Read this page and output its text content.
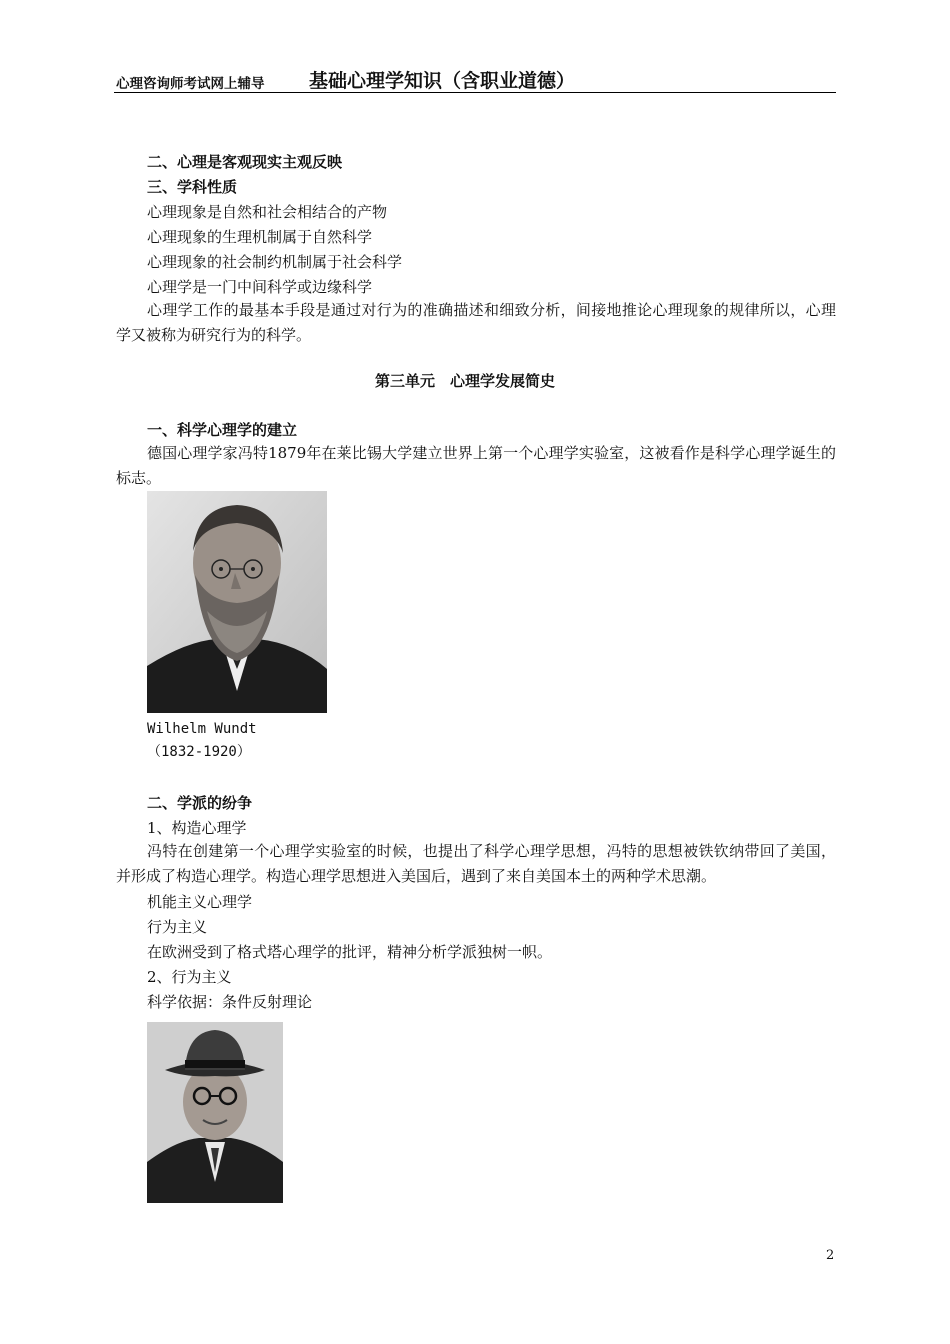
心理咨询师考试网上辅导 基础心理学知识（含职业道德）
二、心理是客观现实主观反映
三、学科性质
心理现象是自然和社会相结合的产物
心理现象的生理机制属于自然科学
心理现象的社会制约机制属于社会科学
心理学是一门中间科学或边缘科学
心理学工作的最基本手段是通过对行为的准确描述和细致分析，间接地推论心理现象的规律所以，心理学又被称为研究行为的科学。
第三单元　心理学发展简史
一、科学心理学的建立
德国心理学家冯特1879年在莱比锡大学建立世界上第一个心理学实验室，这被看作是科学心理学诞生的标志。
Wilhelm Wundt
（1832-1920）
二、学派的纷争
1、构造心理学
冯特在创建第一个心理学实验室的时候，也提出了科学心理学思想，冯特的思想被铁钦纳带回了美国，并形成了构造心理学。构造心理学思想进入美国后，遇到了来自美国本土的两种学术思潮。
机能主义心理学
行为主义
在欧洲受到了格式塔心理学的批评，精神分析学派独树一帜。
2、行为主义
科学依据：条件反射理论
2
